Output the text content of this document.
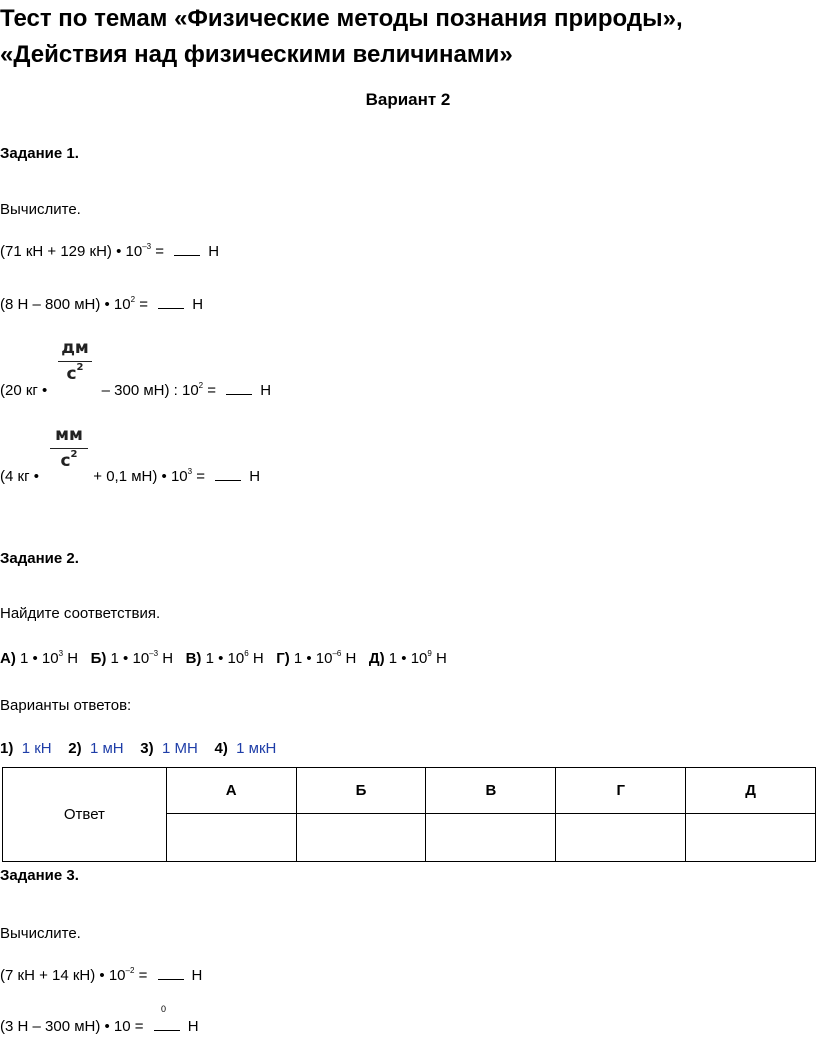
Тест по темам «Физические методы познания природы»,
«Действия над физическими величинами»
Вариант 2
Задание 1.
Вычислите.
(71 кН + 129 кН) • $10^{-3}$ =	Н
(8 Н – 800 мН) • $10^2$ =	Н
(20 кг •	– 300 мН) : $10^2$ =	Н
дм
$с^2$
(4 кг •	+ 0,1 мН) • $10^3$ =	Н
мм
$с^2$
Задание 2.
Найдите соответствия.
А) 1 • $10^3$ Н Б) 1 • $10^{-3}$ Н В) 1 • $10^6$ Н Г) 1 • $10^{-6}$ Н Д) 1 • $10^9$ Н
Варианты ответов:
1) 1 кН 2) 1 мН 3) 1 МН 4) 1 мкН
Ответ	А	Б	В	Г	Д

Задание 3.
Вычислите.
(7 кН + 14 кН) • $10^{-2}$ =	Н
0
(3 Н – 300 мН) • 10 =	Н
